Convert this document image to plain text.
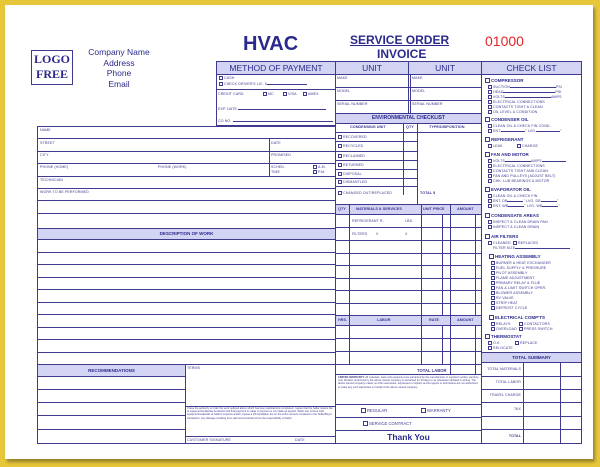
LOGO
FREE
Company Name
Address
Phone
Email
HVAC	SERVICE ORDER
INVOICE
01000
METHOD OF PAYMENT	UNIT	UNIT	CHECK LIST
CASH
CHECK DRIVER'S LIC. #
CREDIT CARD	MC	VISA	AMEX
EXP. DATE
CO NO.
MAKE
MODEL
SERIAL NUMBER
MAKE
MODEL
SERIAL NUMBER
NAME
STREET	DATE
CITY	PROMISED
PHONE (HOME)	PHONE (WORK)	SCHED.
TIME
A.M.
P.M.
TECHNICIAN
WORK TO BE PERFORMED
DESCRIPTION OF WORK
RECOMMENDATIONS	TERMS
I have the authority to order the work outlined above which has been satisfactorily completed. I agree that the Seller retains title to equipment/materials furnished until final payment is made. If payment is not made as agreed, Seller can remove said equipment/materials at Seller's expense and/or impose a 2% liquidation fee on the entire amount contained in the Seller/Buyer transaction. Any damage resulting from said removal shall not be the responsibility of Seller.
CUSTOMER SIGNATURE	DATE
ENVIRONMENTAL CHECKLIST
CONDENSING UNIT	QTY	TYPE/DISPOSITION
RECOVERED
RECYCLED
RECLAIMED
RETURNED
DISPOSAL
DISMANTLED
CHANGED OUT/REPLACED	TOTAL $
QTY	MATERIALS & SERVICES	UNIT PRICE	AMOUNT
REFRIGERANT R-	LBS.
FILTERS X	X
HRS.	LABOR	RATE	AMOUNT
TOTAL LABOR
LIMITED WARRANTY: All materials, parts and equipment are warranted by the manufacturer or supplier's written warranty only. All labor performed by the above named company is warranted for 30 days or as otherwise indicated in writing. The above named company makes no other warranties, expressed or implied, and its agents or technicians are not authorized to make any such warranties on behalf of the above named company.
REGULAR	WARRANTY
SERVICE CONTRACT
Thank You
TOTAL SUMMARY
TOTAL MATERIALS
TOTAL LABOR
TRAVEL CHARGE
TAX
TOTAL
COMPRESSOR
SUCTION	PSI
HEAD	PSI
VOLTS	AMPS
ELECTRICAL CONNECTIONS
CONTACTS TIGHT & CLEAN
OIL LEVEL & CONDITION
CONDENSER OIL
CLEAN OIL & CHECK FIN COND.
ENT.	° LVG.	°
REFRIGERANT
LEAK	CHARGE
FAN AND MOTOR
VOLTS	AMPS
ELECTRICAL CONNECTIONS
CONTACTS TIGHT AND CLEAN
FAN AND PULLEYS (ADJUST BELT)
CHK. LUB BEARINGS & MOTOR
EVAPORATOR OIL
CLEAN OIL & CHECK FIN
ENT. DB	° LVG. DB	°
ENT. WB	° LVG. WB	°
CONDENSATE AREAS
INSPECT & CLEAN DRAIN PAN
INSPECT & CLEAN DRAIN
AIR FILTERS
CLEANED	REPLACED
FILTER SIZE
HEATING ASSEMBLY
BURNER & HEAT EXCHANGER
FUEL SUPPLY & PRESSURE
PILOT ASSEMBLY
FLAME ADJUSTMENT
PRIMARY RELAY & FLUE
FAN & LIMIT SWITCH OPER.
BLOWER ASSEMBLY
RV VALVE
STRIP HEAT
DEFROST CYCLE
ELECTRICAL COMP'TS
RELAYS	CONTACTORS
OVERLOAD	PRESS SWITCH
THERMOSTAT
O.K.	REPLACE
RELOCATE
